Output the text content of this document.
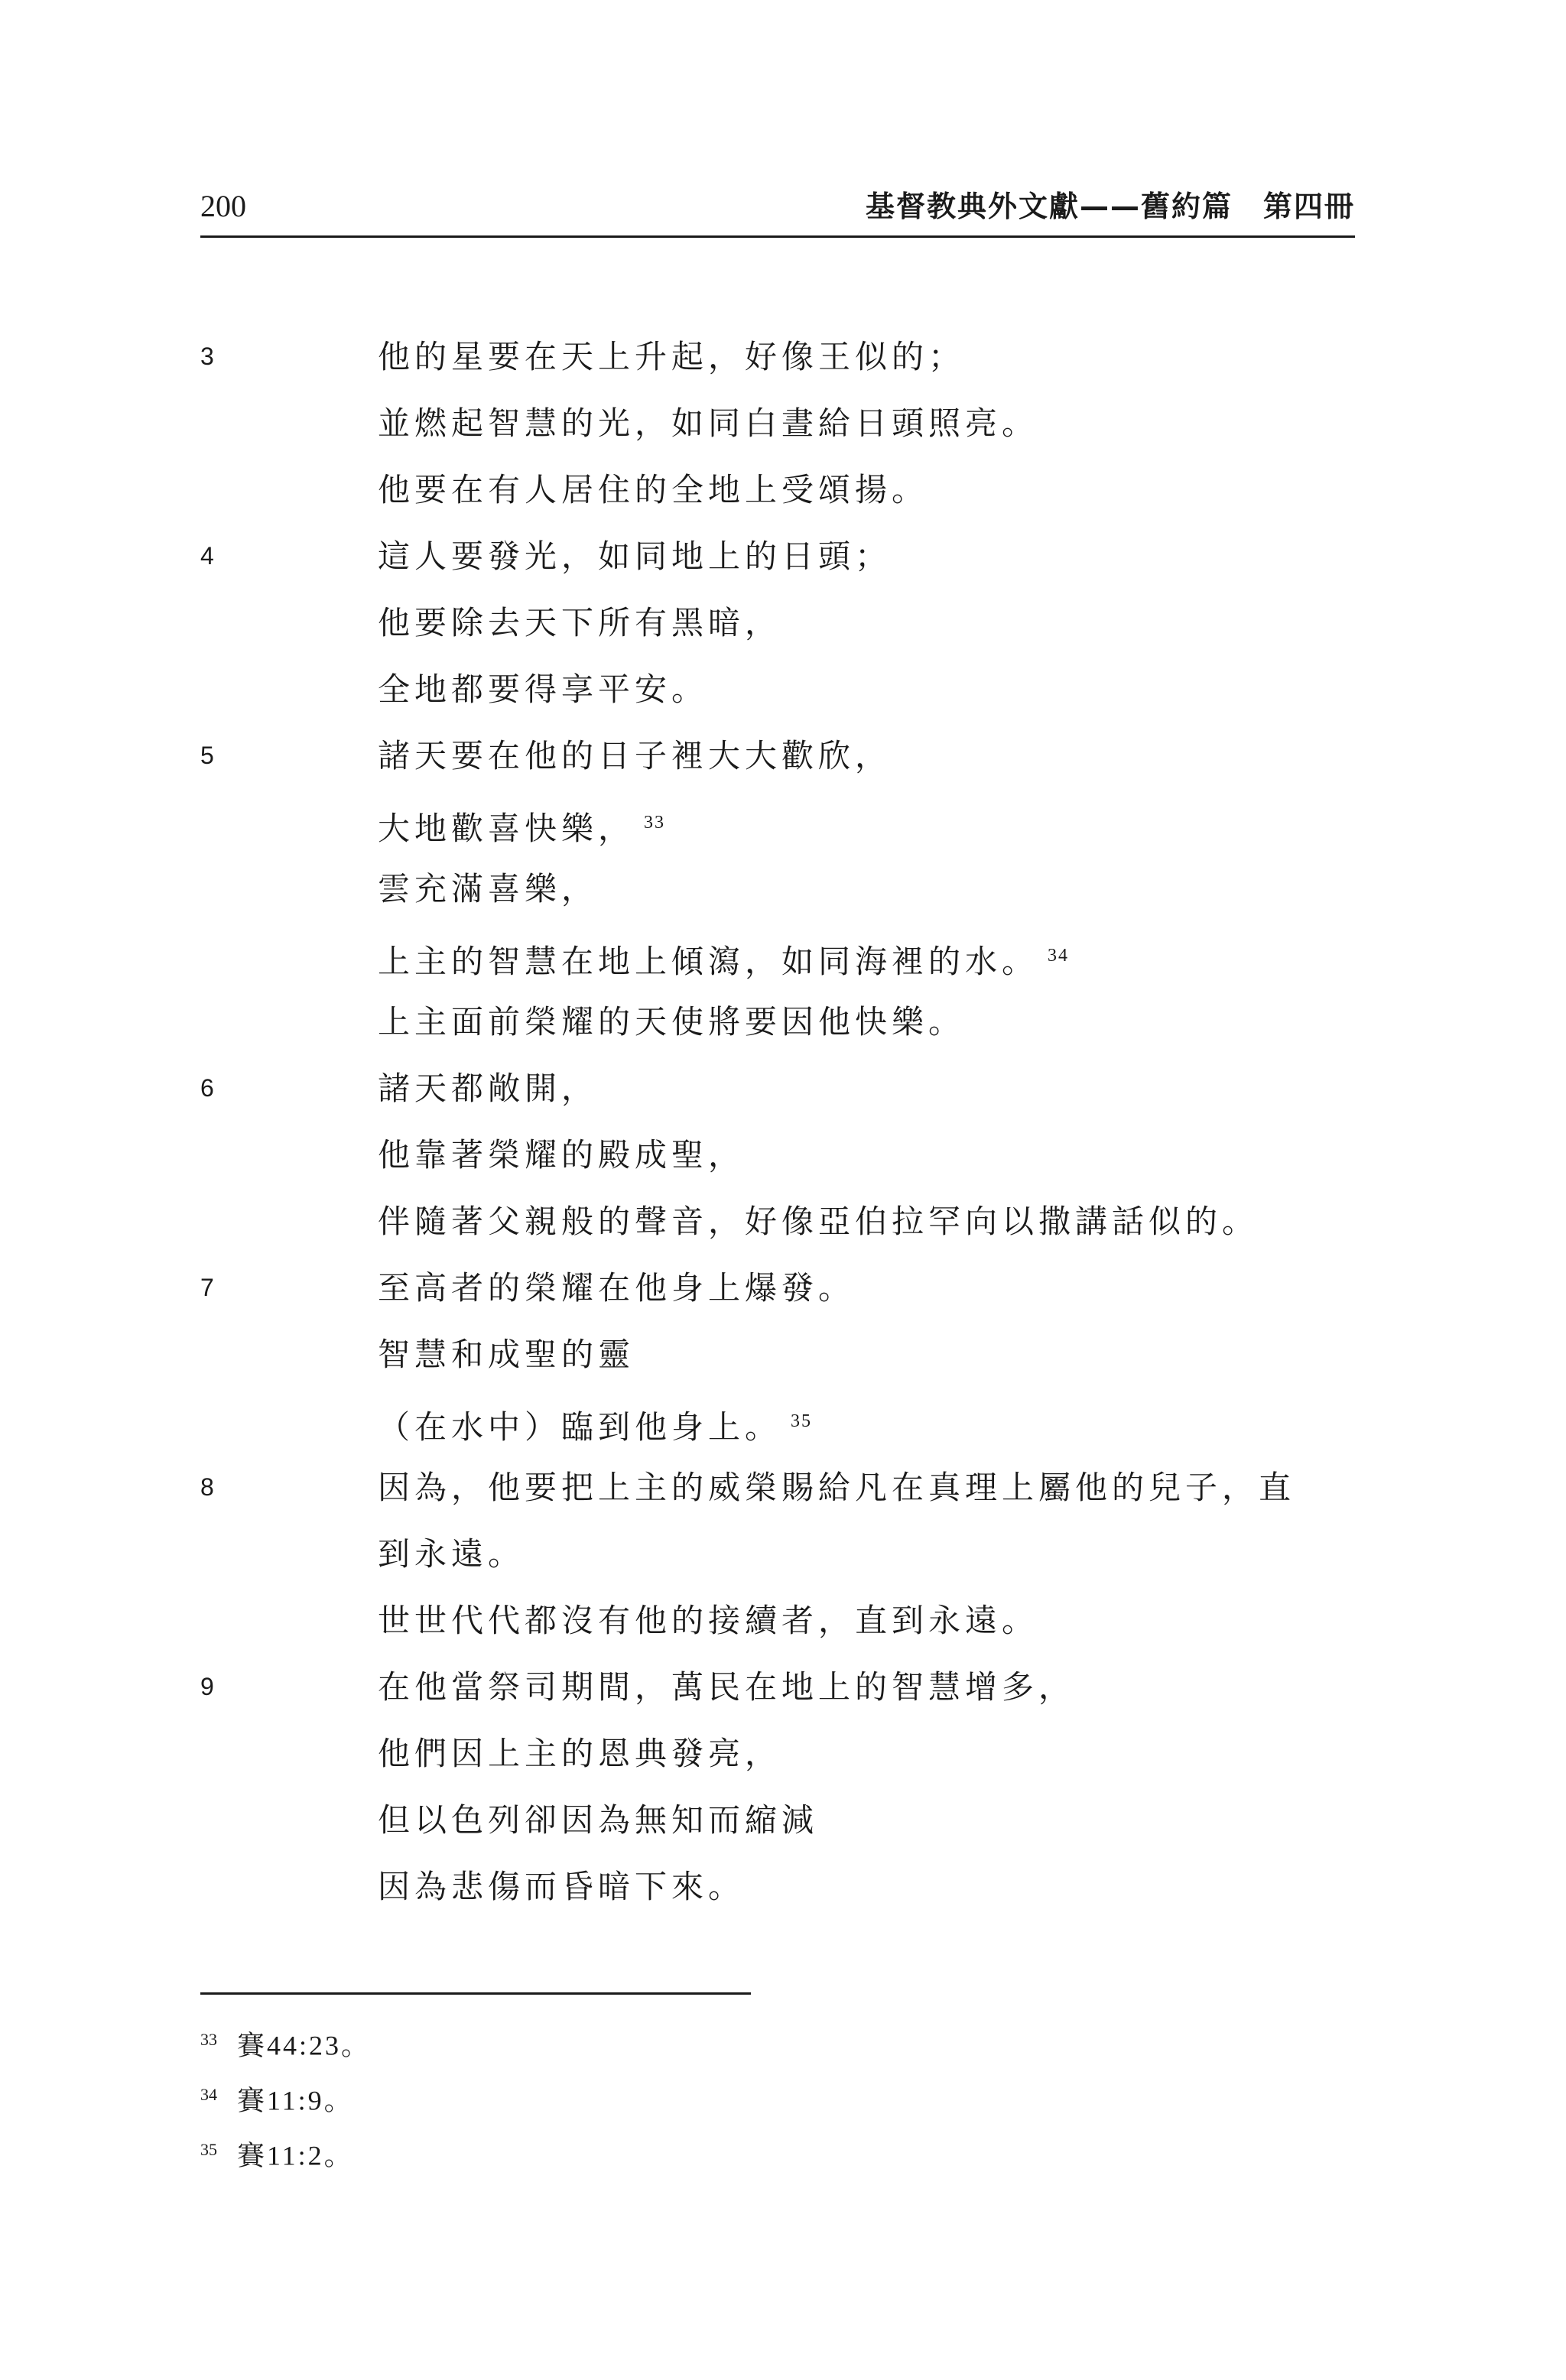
200	基督教典外文獻——舊約篇　第四冊
3	他的星要在天上升起，好像王似的；
並燃起智慧的光，如同白晝給日頭照亮。
他要在有人居住的全地上受頌揚。
4	這人要發光，如同地上的日頭；
他要除去天下所有黑暗，
全地都要得享平安。
5	諸天要在他的日子裡大大歡欣，
大地歡喜快樂， $^{33}$
雲充滿喜樂，
上主的智慧在地上傾瀉，如同海裡的水。 $^{34}$
上主面前榮耀的天使將要因他快樂。
6	諸天都敞開，
他靠著榮耀的殿成聖，
伴隨著父親般的聲音，好像亞伯拉罕向以撒講話似的。
7	至高者的榮耀在他身上爆發。
智慧和成聖的靈
（在水中）臨到他身上。 $^{35}$
8	因為，他要把上主的威榮賜給凡在真理上屬他的兒子，直
到永遠。
世世代代都沒有他的接續者，直到永遠。
9	在他當祭司期間，萬民在地上的智慧增多，
他們因上主的恩典發亮，
但以色列卻因為無知而縮減
因為悲傷而昏暗下來。
33 賽44:23。
34 賽11:9。
35 賽11:2。
